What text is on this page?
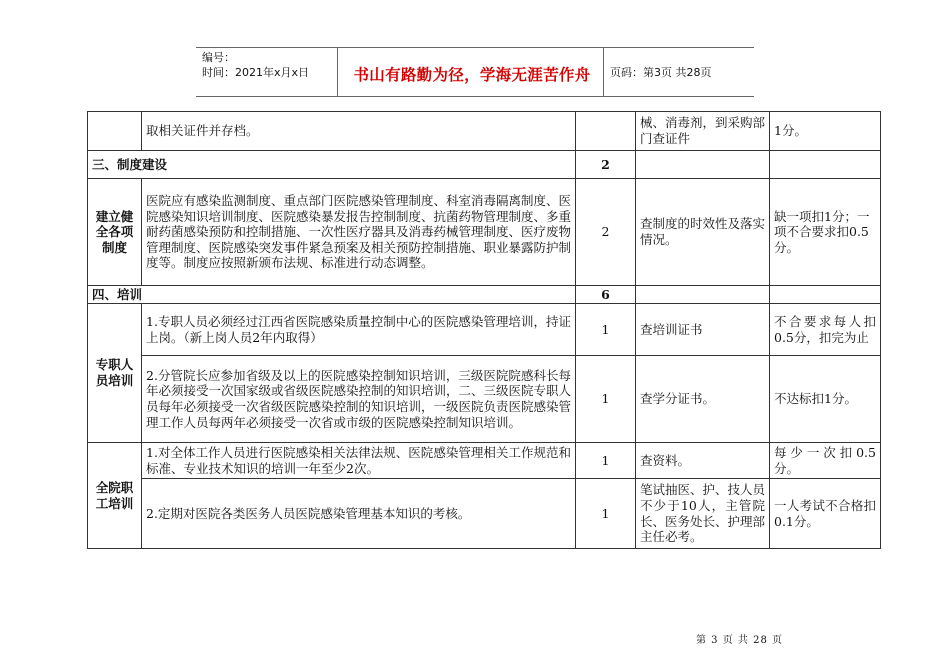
编号：
时间：2021年x月x日	书山有路勤为径，学海无涯苦作舟	页码：第3页 共28页
	取相关证件并存档。		械、消毒剂，到采购部门查证件	1分。
三、制度建设		2		
建立健全各项制度	医院应有感染监测制度、重点部门医院感染管理制度、科室消毒隔离制度、医院感染知识培训制度、医院感染暴发报告控制制度、抗菌药物管理制度、多重耐药菌感染预防和控制措施、一次性医疗器具及消毒药械管理制度、医疗废物管理制度、医院感染突发事件紧急预案及相关预防控制措施、职业暴露防护制度等。制度应按照新颁布法规、标准进行动态调整。	2	查制度的时效性及落实情况。	缺一项扣1分；一项不合要求扣0.5分。
四、培训		6		
专职人员培训	1.专职人员必须经过江西省医院感染质量控制中心的医院感染管理培训，持证上岗。（新上岗人员2年内取得）	1	查培训证书	不合要求每人扣0.5分，扣完为止
	2.分管院长应参加省级及以上的医院感染控制知识培训，三级医院院感科长每年必须接受一次国家级或省级医院感染控制的知识培训，二、三级医院专职人员每年必须接受一次省级医院感染控制的知识培训，一级医院负责医院感染管理工作人员每两年必须接受一次省或市级的医院感染控制知识培训。	1	查学分证书。	不达标扣1分。
全院职工培训	1.对全体工作人员进行医院感染相关法律法规、医院感染管理相关工作规范和标准、专业技术知识的培训一年至少2次。	1	查资料。	每少一次扣0.5分。
	2.定期对医院各类医务人员医院感染管理基本知识的考核。	1	笔试抽医、护、技人员不少于10人，主管院长、医务处长、护理部主任必考。	一人考试不合格扣0.1分。
第 3 页 共 28 页
